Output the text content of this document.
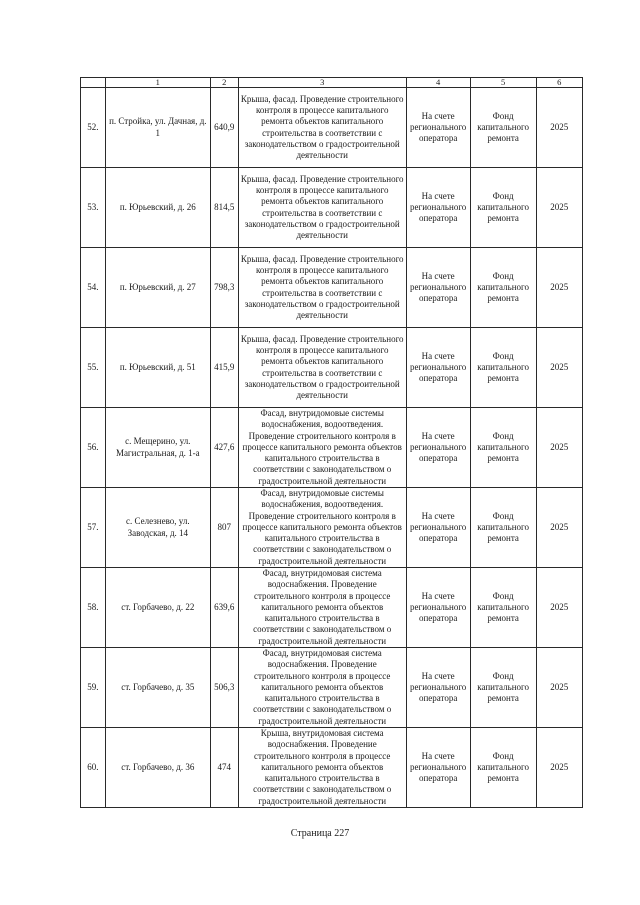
	1	2	3	4	5	6
52.	п. Стройка, ул. Дачная, д. 1	640,9	Крыша, фасад. Проведение строительного контроля в процессе капитального ремонта объектов капитального строительства в соответствии с законодательством о градостроительной деятельности	На счете регионального оператора	Фонд капитального ремонта	2025
53.	п. Юрьевский, д. 26	814,5	Крыша, фасад. Проведение строительного контроля в процессе капитального ремонта объектов капитального строительства в соответствии с законодательством о градостроительной деятельности	На счете регионального оператора	Фонд капитального ремонта	2025
54.	п. Юрьевский, д. 27	798,3	Крыша, фасад. Проведение строительного контроля в процессе капитального ремонта объектов капитального строительства в соответствии с законодательством о градостроительной деятельности	На счете регионального оператора	Фонд капитального ремонта	2025
55.	п. Юрьевский, д. 51	415,9	Крыша, фасад. Проведение строительного контроля в процессе капитального ремонта объектов капитального строительства в соответствии с законодательством о градостроительной деятельности	На счете регионального оператора	Фонд капитального ремонта	2025
56.	с. Мещерино, ул. Магистральная, д. 1-а	427,6	Фасад, внутридомовые системы водоснабжения, водоотведения. Проведение строительного контроля в процессе капитального ремонта объектов капитального строительства в соответствии с законодательством о градостроительной деятельности	На счете регионального оператора	Фонд капитального ремонта	2025
57.	с. Селезнево, ул. Заводская, д. 14	807	Фасад, внутридомовые системы водоснабжения, водоотведения. Проведение строительного контроля в процессе капитального ремонта объектов капитального строительства в соответствии с законодательством о градостроительной деятельности	На счете регионального оператора	Фонд капитального ремонта	2025
58.	ст. Горбачево, д. 22	639,6	Фасад, внутридомовая система водоснабжения. Проведение строительного контроля в процессе капитального ремонта объектов капитального строительства в соответствии с законодательством о градостроительной деятельности	На счете регионального оператора	Фонд капитального ремонта	2025
59.	ст. Горбачево, д. 35	506,3	Фасад, внутридомовая система водоснабжения. Проведение строительного контроля в процессе капитального ремонта объектов капитального строительства в соответствии с законодательством о градостроительной деятельности	На счете регионального оператора	Фонд капитального ремонта	2025
60.	ст. Горбачево, д. 36	474	Крыша, внутридомовая система водоснабжения. Проведение строительного контроля в процессе капитального ремонта объектов капитального строительства в соответствии с законодательством о градостроительной деятельности	На счете регионального оператора	Фонд капитального ремонта	2025
Страница 227
